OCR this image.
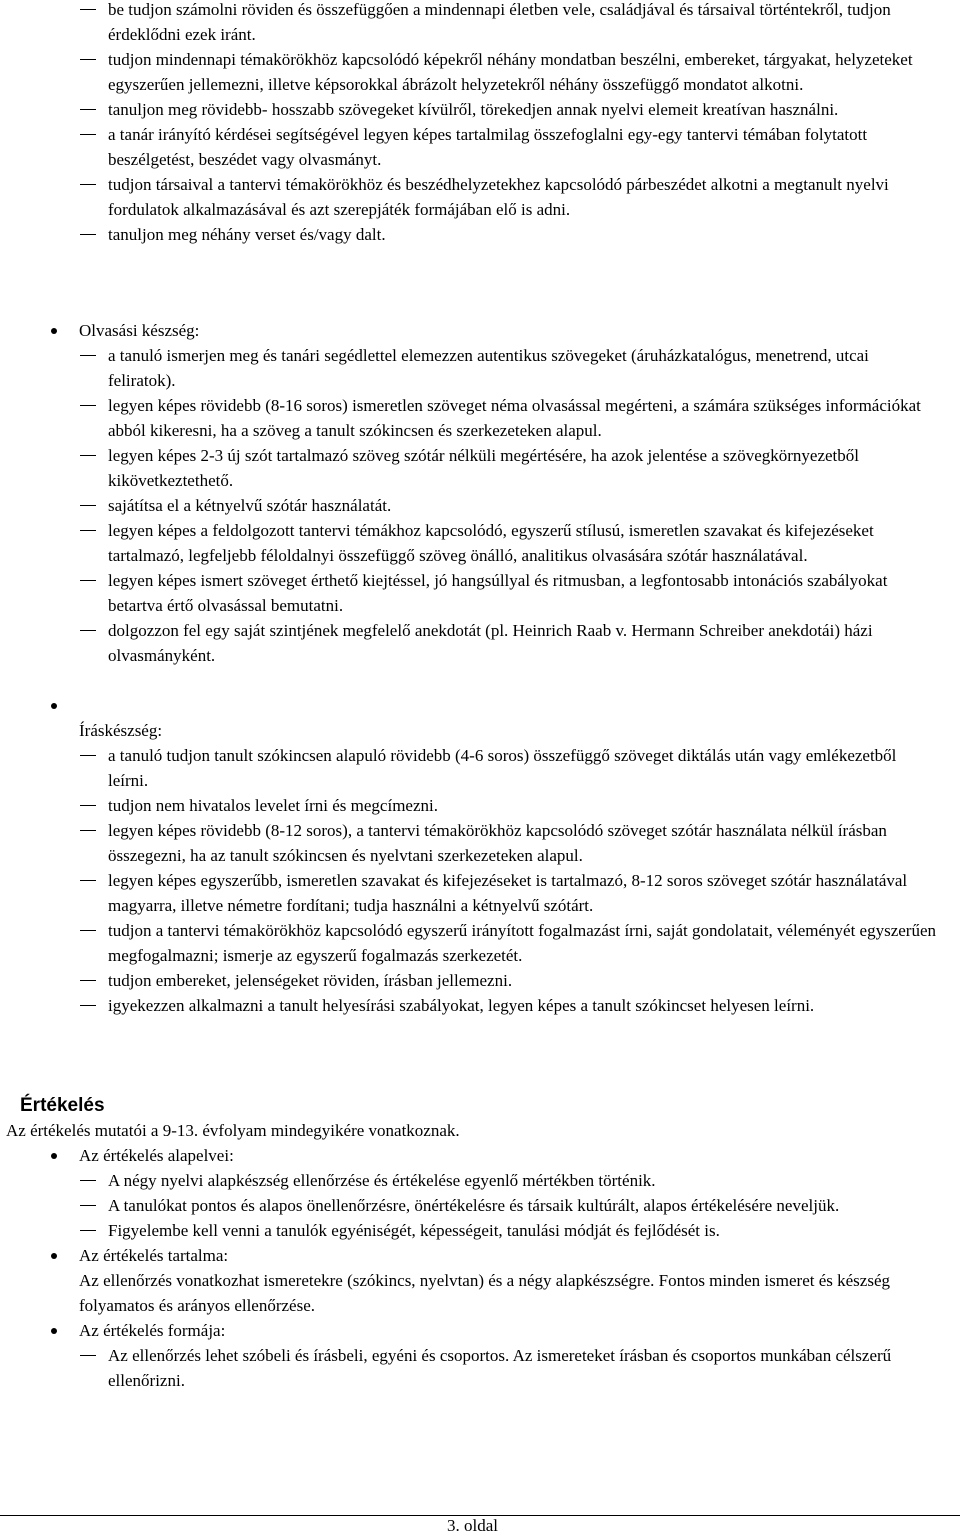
be tudjon számolni röviden és összefüggően a mindennapi életben vele, családjával és társaival történtekről, tudjon érdeklődni ezek iránt.
tudjon mindennapi témakörökhöz kapcsolódó képekről néhány mondatban beszélni, embereket, tárgyakat, helyzeteket egyszerűen jellemezni, illetve képsorokkal ábrázolt helyzetekről néhány összefüggő mondatot alkotni.
tanuljon meg rövidebb- hosszabb szövegeket kívülről, törekedjen annak nyelvi elemeit kreatívan használni.
a tanár irányító kérdései segítségével legyen képes tartalmilag összefoglalni egy-egy tantervi témában folytatott beszélgetést, beszédet vagy olvasmányt.
tudjon társaival a tantervi témakörökhöz és beszédhelyzetekhez kapcsolódó párbeszédet alkotni a megtanult nyelvi fordulatok alkalmazásával és azt szerepjáték formájában elő is adni.
tanuljon meg néhány verset és/vagy dalt.
Olvasási készség:
a tanuló ismerjen meg és tanári segédlettel elemezzen autentikus szövegeket (áruházkatalógus, menetrend, utcai feliratok).
legyen képes rövidebb (8-16 soros) ismeretlen szöveget néma olvasással megérteni, a számára szükséges információkat abból kikeresni, ha a szöveg a tanult szókincsen és szerkezeteken alapul.
legyen képes 2-3 új szót tartalmazó szöveg szótár nélküli megértésére, ha azok jelentése a szövegkörnyezetből kikövetkeztethető.
sajátítsa el a kétnyelvű szótár használatát.
legyen képes a feldolgozott tantervi témákhoz kapcsolódó, egyszerű stílusú, ismeretlen szavakat és kifejezéseket tartalmazó, legfeljebb féloldalnyi összefüggő szöveg önálló, analitikus olvasására szótár használatával.
legyen képes ismert szöveget érthető kiejtéssel, jó hangsúllyal és ritmusban, a legfontosabb intonációs szabályokat betartva értő olvasással bemutatni.
dolgozzon fel egy saját szintjének megfelelő anekdotát (pl. Heinrich Raab v. Hermann Schreiber anekdotái) házi olvasmányként.
Íráskészség:
a tanuló tudjon tanult szókincsen alapuló rövidebb (4-6 soros) összefüggő szöveget diktálás után vagy emlékezetből leírni.
tudjon nem hivatalos levelet írni és megcímezni.
legyen képes rövidebb (8-12 soros), a tantervi témakörökhöz kapcsolódó szöveget szótár használata nélkül írásban összegezni, ha az tanult szókincsen és nyelvtani szerkezeteken alapul.
legyen képes egyszerűbb, ismeretlen szavakat és kifejezéseket is tartalmazó, 8-12 soros szöveget szótár használatával magyarra, illetve németre fordítani; tudja használni a kétnyelvű szótárt.
tudjon a tantervi témakörökhöz kapcsolódó egyszerű irányított fogalmazást írni, saját gondolatait, véleményét egyszerűen megfogalmazni; ismerje az egyszerű fogalmazás szerkezetét.
tudjon embereket, jelenségeket röviden, írásban jellemezni.
igyekezzen alkalmazni a tanult helyesírási szabályokat, legyen képes a tanult szókincset helyesen leírni.
Értékelés
Az értékelés mutatói a 9-13. évfolyam mindegyikére vonatkoznak.
Az értékelés alapelvei:
A négy nyelvi alapkészség ellenőrzése és értékelése egyenlő mértékben történik.
A tanulókat pontos és alapos önellenőrzésre, önértékelésre és társaik kultúrált, alapos értékelésére neveljük.
Figyelembe kell venni a tanulók egyéniségét, képességeit, tanulási módját és fejlődését is.
Az értékelés tartalma:
Az ellenőrzés vonatkozhat ismeretekre (szókincs, nyelvtan) és a négy alapkészségre. Fontos minden ismeret és készség folyamatos és arányos ellenőrzése.
Az értékelés formája:
Az ellenőrzés lehet szóbeli és írásbeli, egyéni és csoportos. Az ismereteket írásban és csoportos munkában célszerű ellenőrizni.
3. oldal
